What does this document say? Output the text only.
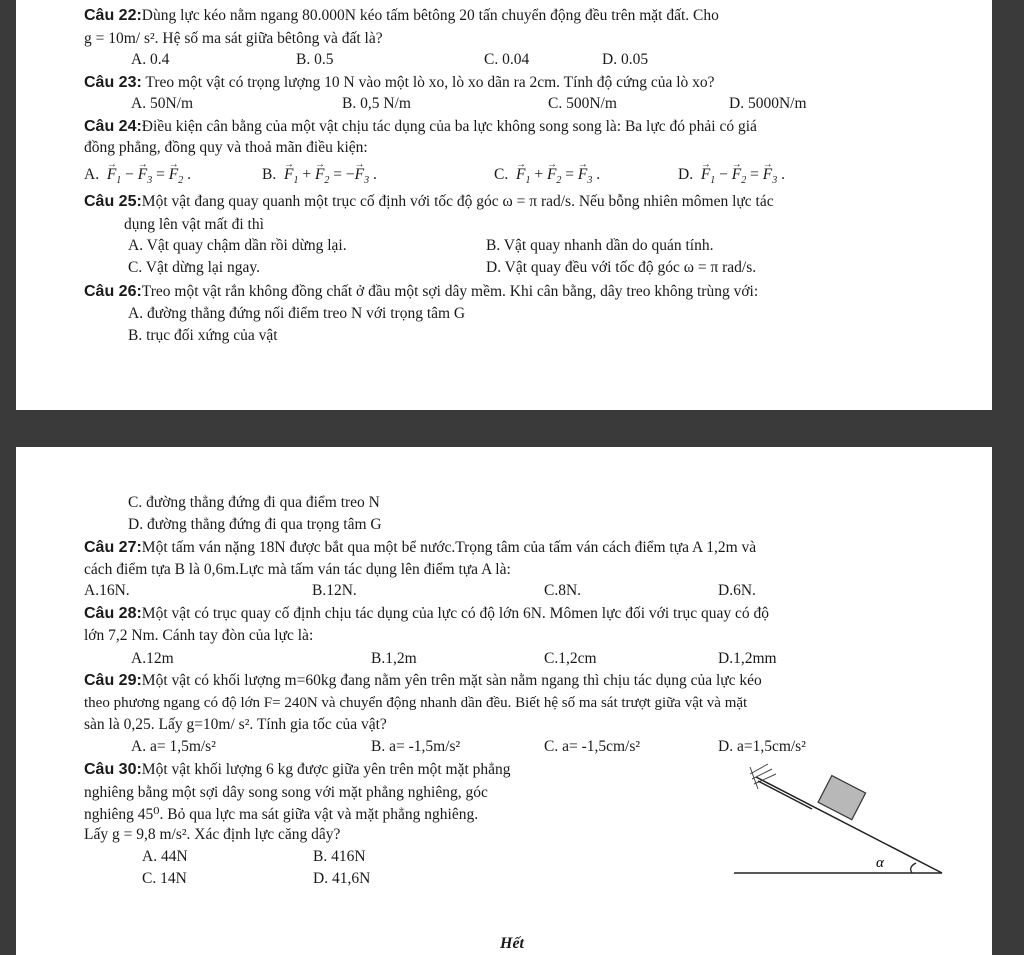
Câu 22:Dùng lực kéo nằm ngang 80.000N kéo tấm bêtông 20 tấn chuyển động đều trên mặt đất. Cho
g = 10m/ s². Hệ số ma sát giữa bêtông và đất là?
A. 0.4	B. 0.5	C. 0.04	D. 0.05
Câu 23: Treo một vật có trọng lượng 10 N vào một lò xo, lò xo dãn ra 2cm. Tính độ cứng của lò xo?
A. 50N/m	B. 0,5 N/m	C. 500N/m	D. 5000N/m
Câu 24:Điều kiện cân bằng của một vật chịu tác dụng của ba lực không song song là: Ba lực đó phải có giá
đồng phẳng, đồng quy và thoả mãn điều kiện:
A. → $F_1$ − → $F_3$ = → $F_2$ .	B. → $F_1$ + → $F_2$ = −→ $F_3$ .	C. → $F_1$ + → $F_2$ = → $F_3$ .	D. → $F_1$ − → $F_2$ = → $F_3$ .
Câu 25:Một vật đang quay quanh một trục cố định với tốc độ góc ω = π rad/s. Nếu bỗng nhiên mômen lực tác
dụng lên vật mất đi thì
A. Vật quay chậm dần rồi dừng lại.	B. Vật quay nhanh dần do quán tính.
C. Vật dừng lại ngay.	D. Vật quay đều với tốc độ góc ω = π rad/s.
Câu 26:Treo một vật rắn không đồng chất ở đầu một sợi dây mềm. Khi cân bằng, dây treo không trùng với:
A. đường thẳng đứng nối điểm treo N với trọng tâm G
B. trục đối xứng của vật
C. đường thẳng đứng đi qua điểm treo N
D. đường thẳng đứng đi qua trọng tâm G
Câu 27:Một tấm ván nặng 18N được bắt qua một bể nước.Trọng tâm của tấm ván cách điểm tựa A 1,2m và
cách điểm tựa B là 0,6m.Lực mà tấm ván tác dụng lên điểm tựa A là:
A.16N.	B.12N.	C.8N.	D.6N.
Câu 28:Một vật có trục quay cố định chịu tác dụng của lực có độ lớn 6N. Mômen lực đối với trục quay có độ
lớn 7,2 Nm. Cánh tay đòn của lực là:
A.12m	B.1,2m	C.1,2cm	D.1,2mm
Câu 29:Một vật có khối lượng m=60kg đang nằm yên trên mặt sàn nằm ngang thì chịu tác dụng của lực kéo
theo phương ngang có độ lớn F= 240N và chuyển động nhanh dần đều. Biết hệ số ma sát trượt giữa vật và mặt
sàn là 0,25. Lấy g=10m/ s². Tính gia tốc của vật?
A. a= 1,5m/s²	B. a= -1,5m/s²	C. a= -1,5cm/s²	D. a=1,5cm/s²
Câu 30:Một vật khối lượng 6 kg được giữa yên trên một mặt phẳng
nghiêng bằng một sợi dây song song với mặt phẳng nghiêng, góc
nghiêng 45⁰. Bỏ qua lực ma sát giữa vật và mặt phẳng nghiêng.
Lấy g = 9,8 m/s². Xác định lực căng dây?
A. 44N	B. 416N
C. 14N	D. 41,6N
α
Hết
